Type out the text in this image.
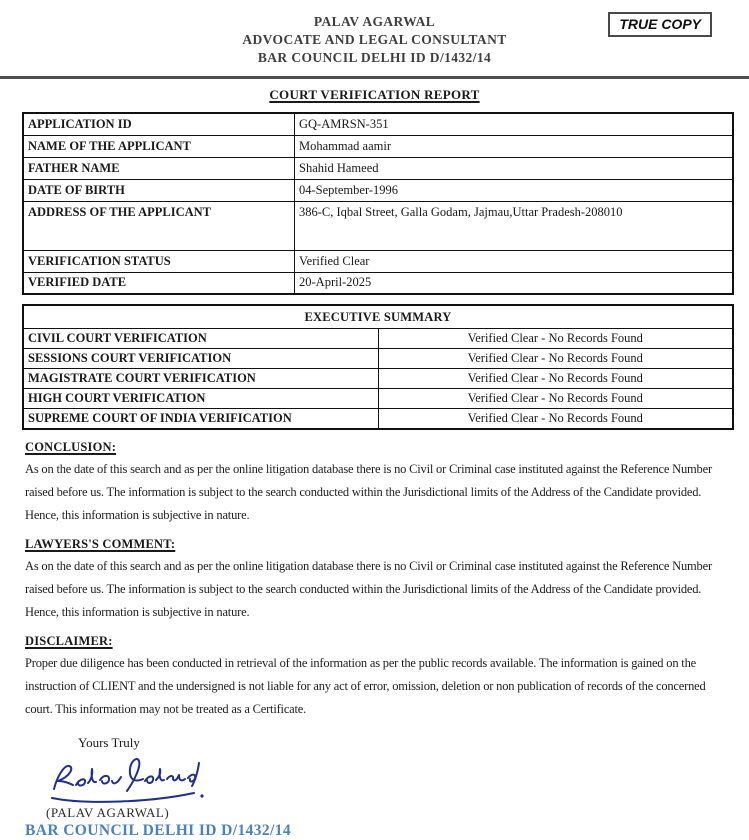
PALAV AGARWAL
ADVOCATE AND LEGAL CONSULTANT
BAR COUNCIL DELHI ID D/1432/14
TRUE COPY
COURT VERIFICATION REPORT
APPLICATION ID	GQ-AMRSN-351
NAME OF THE APPLICANT	Mohammad aamir
FATHER NAME	Shahid Hameed
DATE OF BIRTH	04-September-1996
ADDRESS OF THE APPLICANT	386-C, Iqbal Street, Galla Godam, Jajmau,Uttar Pradesh-208010
VERIFICATION STATUS	Verified Clear
VERIFIED DATE	20-April-2025
EXECUTIVE SUMMARY	
CIVIL COURT VERIFICATION	Verified Clear - No Records Found
SESSIONS COURT VERIFICATION	Verified Clear - No Records Found
MAGISTRATE COURT VERIFICATION	Verified Clear - No Records Found
HIGH COURT VERIFICATION	Verified Clear - No Records Found
SUPREME COURT OF INDIA VERIFICATION	Verified Clear - No Records Found
CONCLUSION:
As on the date of this search and as per the online litigation database there is no Civil or Criminal case instituted against the Reference Number raised before us. The information is subject to the search conducted within the Jurisdictional limits of the Address of the Candidate provided. Hence, this information is subjective in nature.
LAWYERS'S COMMENT:
As on the date of this search and as per the online litigation database there is no Civil or Criminal case instituted against the Reference Number raised before us. The information is subject to the search conducted within the Jurisdictional limits of the Address of the Candidate provided. Hence, this information is subjective in nature.
DISCLAIMER:
Proper due diligence has been conducted in retrieval of the information as per the public records available. The information is gained on the instruction of CLIENT and the undersigned is not liable for any act of error, omission, deletion or non publication of records of the concerned court. This information may not be treated as a Certificate.
Yours Truly
(PALAV AGARWAL)
BAR COUNCIL DELHI ID D/1432/14
